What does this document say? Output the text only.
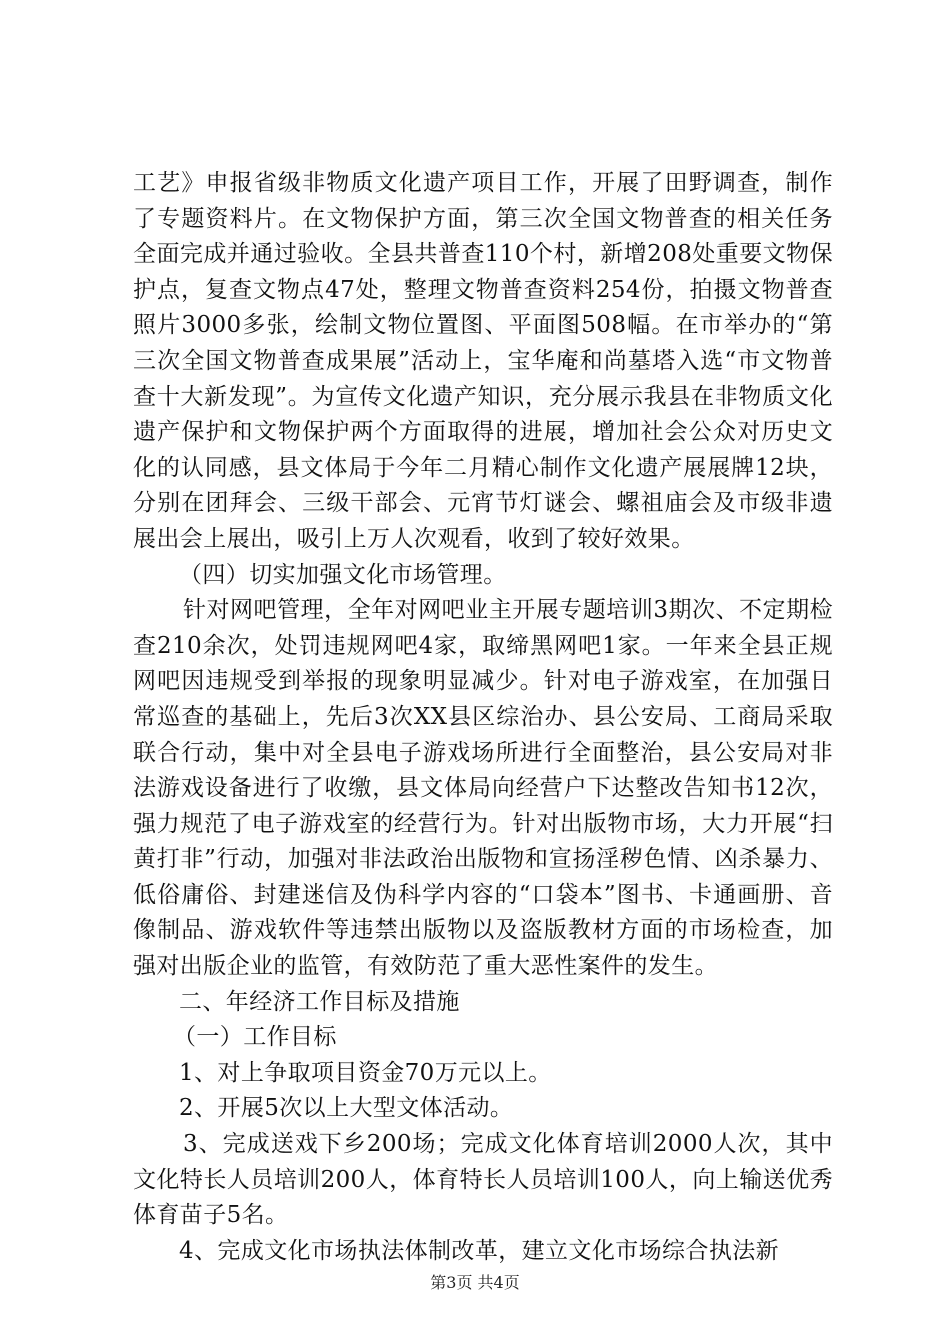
工艺》申报省级非物质文化遗产项目工作，开展了田野调查，制作了专题资料片。在文物保护方面，第三次全国文物普查的相关任务全面完成并通过验收。全县共普查110个村，新增208处重要文物保护点，复查文物点47处，整理文物普查资料254份，拍摄文物普查照片3000多张，绘制文物位置图、平面图508幅。在市举办的“第三次全国文物普查成果展”活动上，宝华庵和尚墓塔入选“市文物普查十大新发现”。为宣传文化遗产知识，充分展示我县在非物质文化遗产保护和文物保护两个方面取得的进展，增加社会公众对历史文化的认同感，县文体局于今年二月精心制作文化遗产展展牌12块，分别在团拜会、三级干部会、元宵节灯谜会、螺祖庙会及市级非遗展出会上展出，吸引上万人次观看，收到了较好效果。

（四）切实加强文化市场管理。

针对网吧管理，全年对网吧业主开展专题培训3期次、不定期检查210余次，处罚违规网吧4家，取缔黑网吧1家。一年来全县正规网吧因违规受到举报的现象明显减少。针对电子游戏室，在加强日常巡查的基础上，先后3次XX县区综治办、县公安局、工商局采取联合行动，集中对全县电子游戏场所进行全面整治，县公安局对非法游戏设备进行了收缴，县文体局向经营户下达整改告知书12次，强力规范了电子游戏室的经营行为。针对出版物市场，大力开展“扫黄打非”行动，加强对非法政治出版物和宣扬淫秽色情、凶杀暴力、低俗庸俗、封建迷信及伪科学内容的“口袋本”图书、卡通画册、音像制品、游戏软件等违禁出版物以及盗版教材方面的市场检查，加强对出版企业的监管，有效防范了重大恶性案件的发生。

二、年经济工作目标及措施

（一）工作目标

1、对上争取项目资金70万元以上。

2、开展5次以上大型文体活动。

3、完成送戏下乡200场；完成文化体育培训2000人次，其中文化特长人员培训200人，体育特长人员培训100人，向上输送优秀体育苗子5名。

4、完成文化市场执法体制改革，建立文化市场综合执法新

第3页 共4页
